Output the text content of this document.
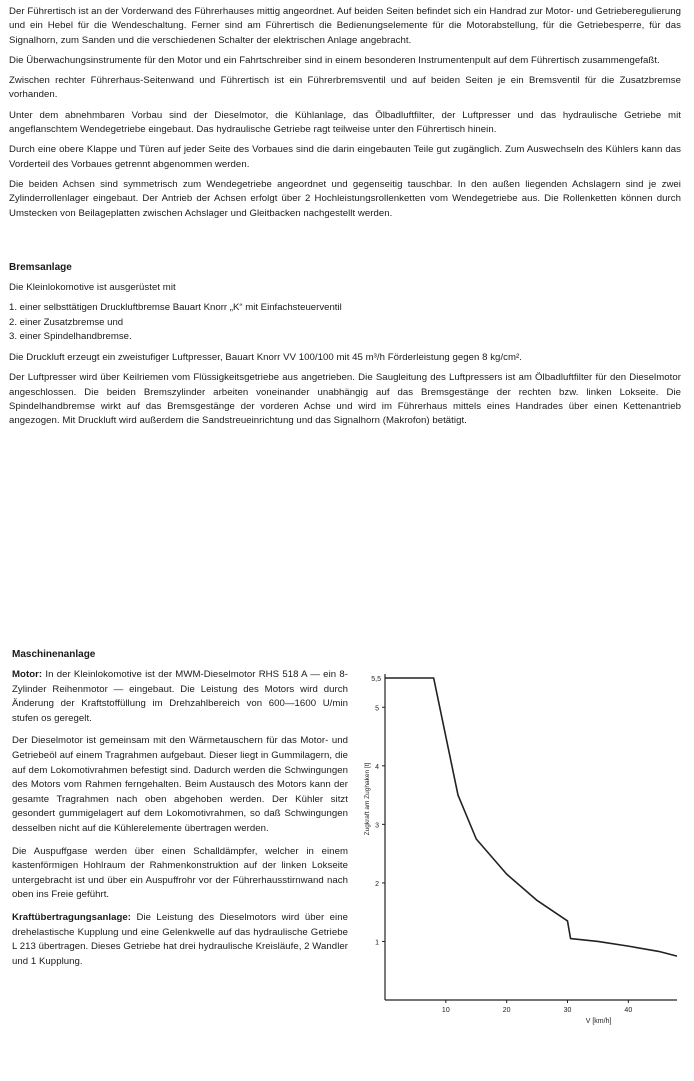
Der Führertisch ist an der Vorderwand des Führerhauses mittig angeordnet. Auf beiden Seiten befindet sich ein Handrad zur Motor- und Getrieberegulierung und ein Hebel für die Wendeschaltung. Ferner sind am Führertisch die Bedienungselemente für die Motorabstellung, für die Getriebesperre, für das Signalhorn, zum Sanden und die verschiedenen Schalter der elektrischen Anlage angebracht.

Die Überwachungsinstrumente für den Motor und ein Fahrtschreiber sind in einem besonderen Instrumentenpult auf dem Führertisch zusammengefaßt.

Zwischen rechter Führerhaus-Seitenwand und Führertisch ist ein Führerbremsventil und auf beiden Seiten je ein Bremsventil für die Zusatzbremse vorhanden.

Unter dem abnehmbaren Vorbau sind der Dieselmotor, die Kühlanlage, das Ölbadluftfilter, der Luftpresser und das hydraulische Getriebe mit angeflanschtem Wendegetriebe eingebaut. Das hydraulische Getriebe ragt teilweise unter den Führertisch hinein.

Durch eine obere Klappe und Türen auf jeder Seite des Vorbaues sind die darin eingebauten Teile gut zugänglich. Zum Auswechseln des Kühlers kann das Vorderteil des Vorbaues getrennt abgenommen werden.

Die beiden Achsen sind symmetrisch zum Wendegetriebe angeordnet und gegenseitig tauschbar. In den außen liegenden Achslagern sind je zwei Zylinderrollenlager eingebaut. Der Antrieb der Achsen erfolgt über 2 Hochleistungsrollenketten vom Wendegetriebe aus. Die Rollenketten können durch Umstecken von Beilageplatten zwischen Achslager und Gleitbacken nachgestellt werden.

Bremsanlage

Die Kleinlokomotive ist ausgerüstet mit

1. einer selbsttätigen Druckluftbremse Bauart Knorr „K“ mit Einfachsteuerventil
2. einer Zusatzbremse und
3. einer Spindelhandbremse.

Die Druckluft erzeugt ein zweistufiger Luftpresser, Bauart Knorr VV 100/100 mit 45 m³/h Förderleistung gegen 8 kg/cm².

Der Luftpresser wird über Keilriemen vom Flüssigkeitsgetriebe aus angetrieben. Die Saugleitung des Luftpressers ist am Ölbadluftfilter für den Dieselmotor angeschlossen. Die beiden Bremszylinder arbeiten voneinander unabhängig auf das Bremsgestänge der rechten bzw. linken Lokseite. Die Spindelhandbremse wirkt auf das Bremsgestänge der vorderen Achse und wird im Führerhaus mittels eines Handrades über einen Kettenantrieb angezogen. Mit Druckluft wird außerdem die Sandstreueinrichtung und das Signalhorn (Makrofon) betätigt.

Maschinenanlage

Motor: In der Kleinlokomotive ist der MWM-Dieselmotor RHS 518 A — ein 8-Zylinder Reihenmotor — eingebaut. Die Leistung des Motors wird durch Änderung der Kraftstoffüllung im Drehzahlbereich von 600—1600 U/min stufen os geregelt.

Der Dieselmotor ist gemeinsam mit den Wärmetauschern für das Motor- und Getriebeöl auf einem Tragrahmen aufgebaut. Dieser liegt in Gummilagern, die auf dem Lokomotivrahmen befestigt sind. Dadurch werden die Schwingungen des Motors vom Rahmen ferngehalten. Beim Austausch des Motors kann der gesamte Tragrahmen nach oben abgehoben werden. Der Kühler sitzt gesondert gummigelagert auf dem Lokomotivrahmen, so daß Schwingungen desselben nicht auf die Kühlerelemente übertragen werden.

Die Auspuffgase werden über einen Schalldämpfer, welcher in einem kastenförmigen Hohlraum der Rahmenkonstruktion auf der linken Lokseite untergebracht ist und über ein Auspuffrohr vor der Führerhausstirnwand nach oben ins Freie geführt.

Kraftübertragungsanlage: Die Leistung des Dieselmotors wird über eine drehelastische Kupplung und eine Gelenkwelle auf das hydraulische Getriebe L 213 übertragen. Dieses Getriebe hat drei hydraulische Kreisläufe, 2 Wandler und 1 Kupplung.

1
2
3
4
5
5,5
10	20	30	40
V [km/h]
Zugkraft am Zughaken [t]
